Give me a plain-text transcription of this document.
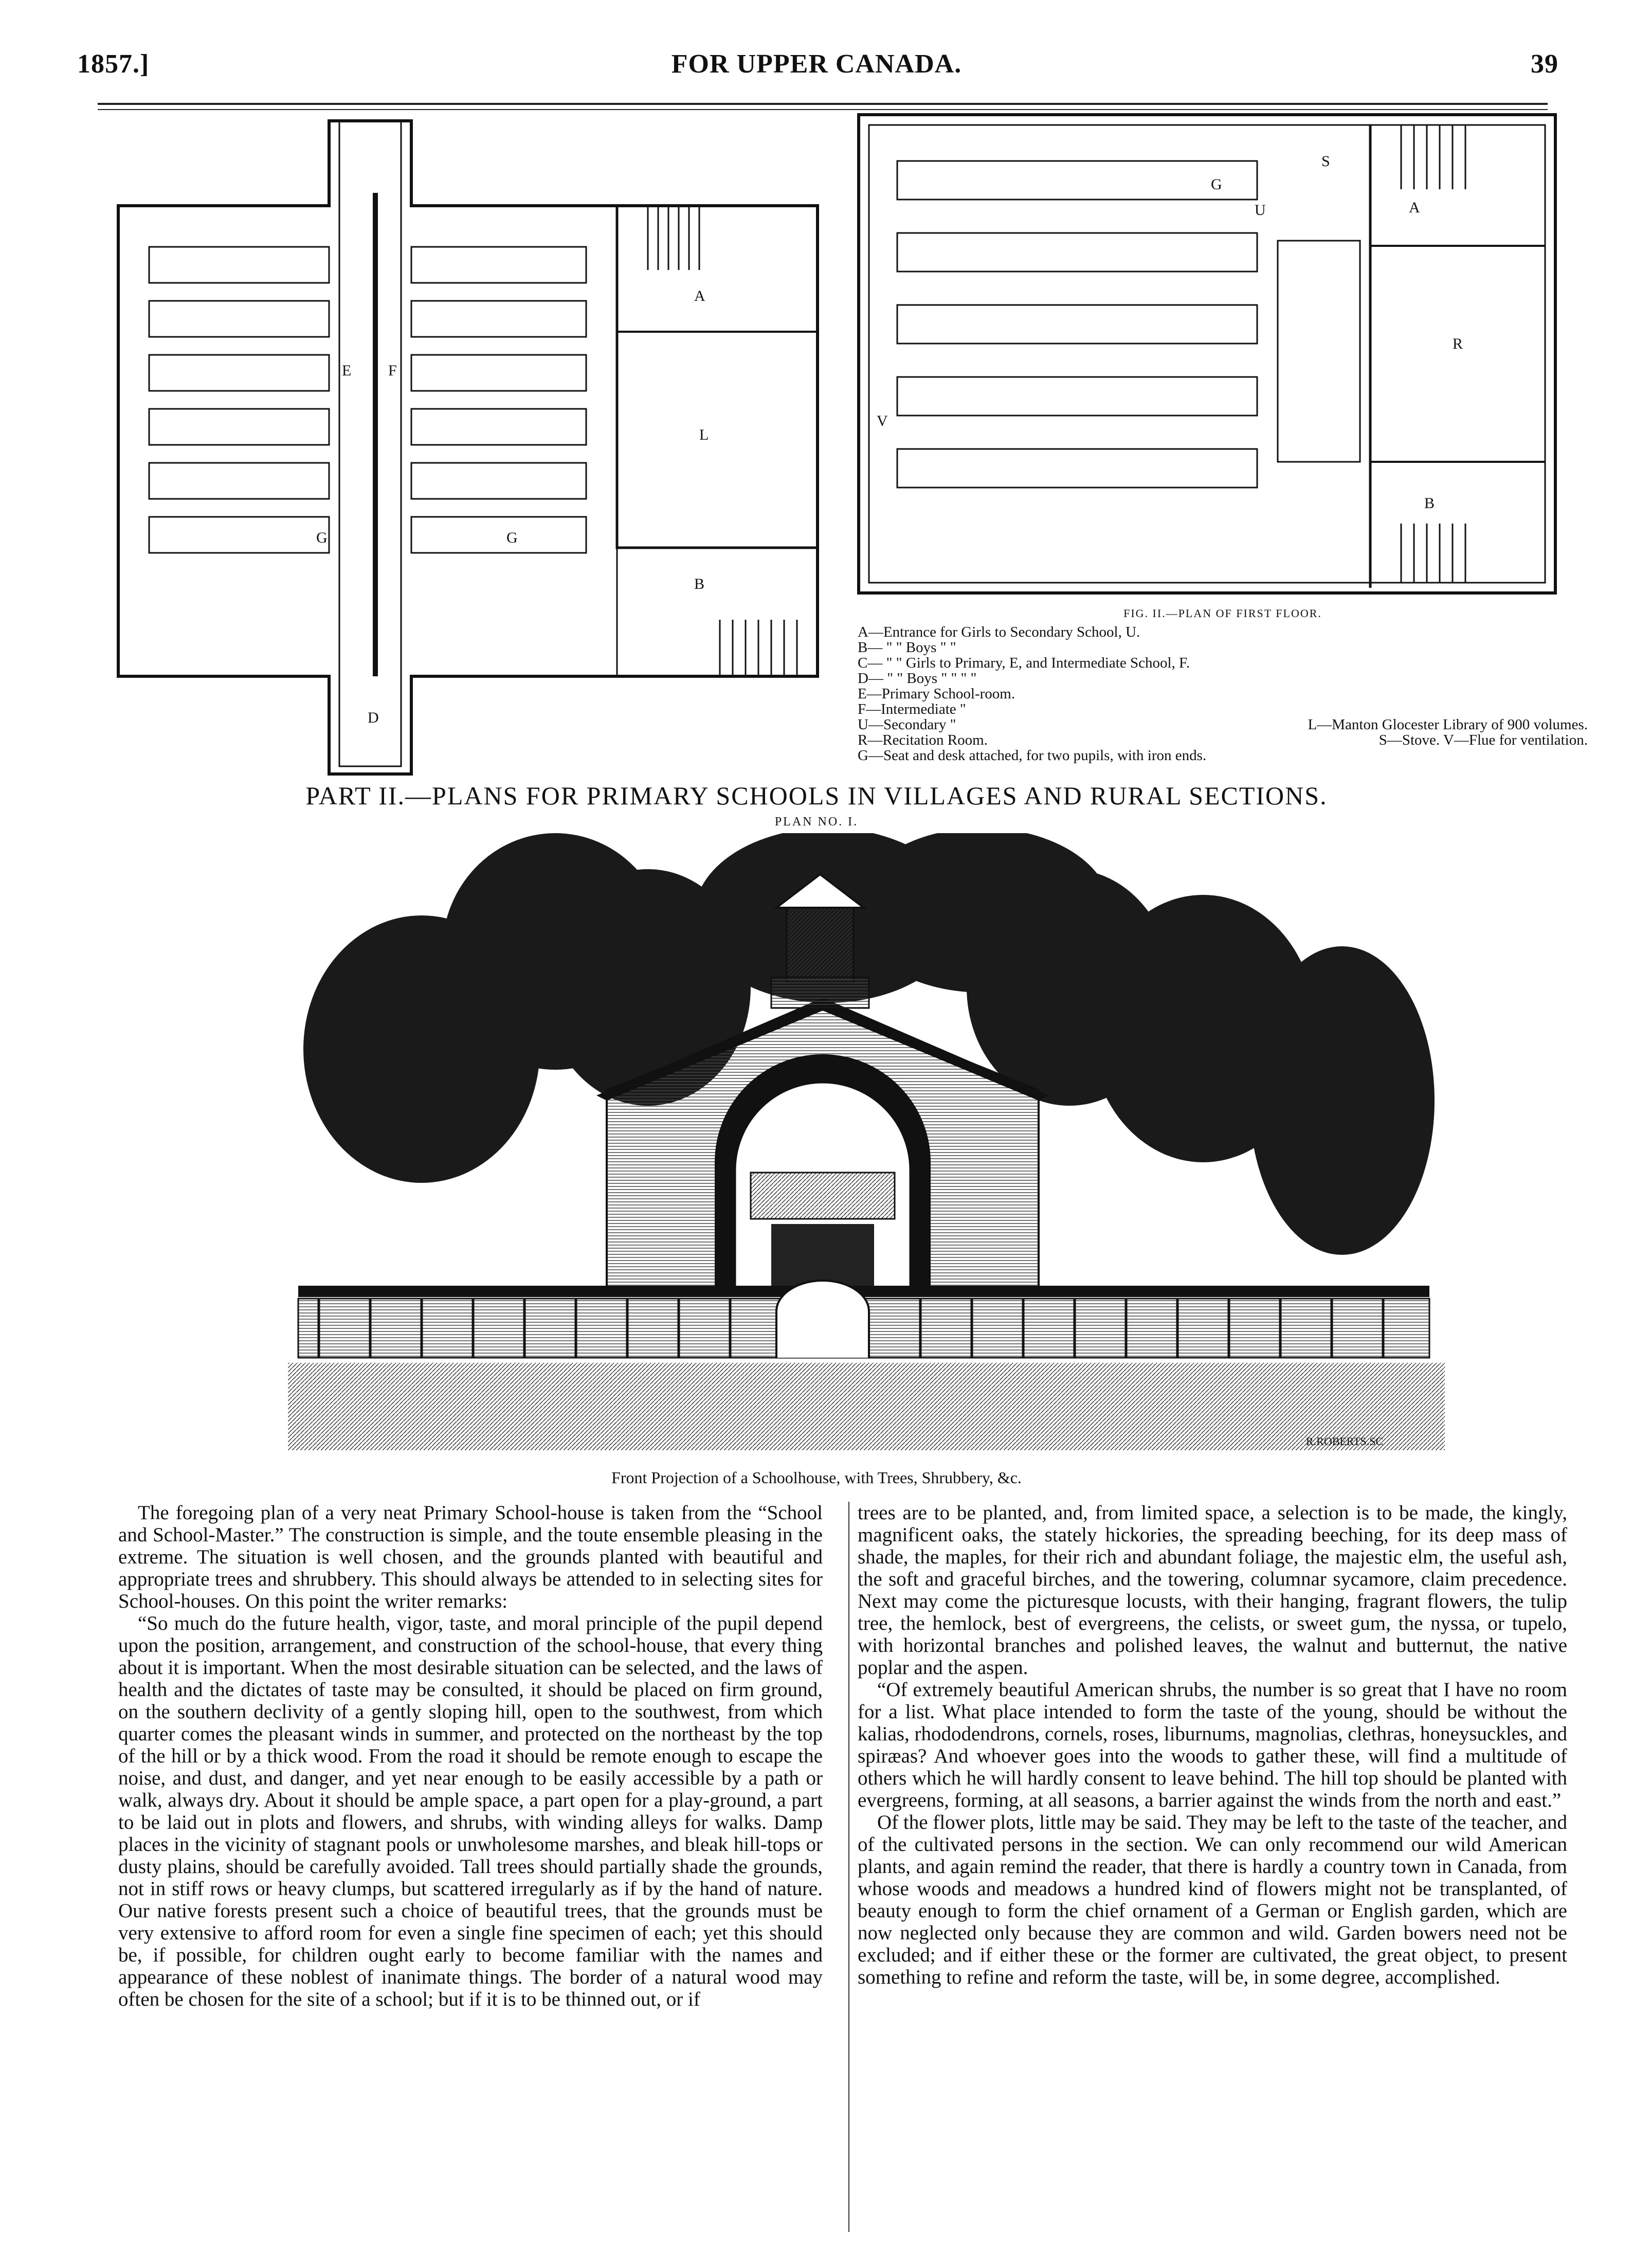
1857.]	FOR UPPER CANADA.	39
E F
A
L
G	G
B
D
G
U
S
A
R
V
B
FIG. II.—PLAN OF FIRST FLOOR.
A—Entrance for Girls to Secondary School, U.
B— " " Boys " "
C— " " Girls to Primary, E, and Intermediate School, F.
D— " " Boys " " " "
E—Primary School-room.
F—Intermediate "
U—Secondary "	L—Manton Glocester Library of 900 volumes.
R—Recitation Room.	S—Stove. V—Flue for ventilation.
G—Seat and desk attached, for two pupils, with iron ends.
PART II.—PLANS FOR PRIMARY SCHOOLS IN VILLAGES AND RURAL SECTIONS.
PLAN NO. I.
R.ROBERTS.SC
Front Projection of a Schoolhouse, with Trees, Shrubbery, &c.

The foregoing plan of a very neat Primary School-house is taken from the “School and School-Master.” The construction is simple, and the toute ensemble pleasing in the extreme. The situation is well chosen, and the grounds planted with beautiful and appropriate trees and shrubbery. This should always be attended to in selecting sites for School-houses. On this point the writer remarks:

“So much do the future health, vigor, taste, and moral principle of the pupil depend upon the position, arrangement, and construction of the school-house, that every thing about it is important. When the most desirable situation can be selected, and the laws of health and the dictates of taste may be consulted, it should be placed on firm ground, on the southern declivity of a gently sloping hill, open to the southwest, from which quarter comes the pleasant winds in summer, and protected on the northeast by the top of the hill or by a thick wood. From the road it should be remote enough to escape the noise, and dust, and danger, and yet near enough to be easily accessible by a path or walk, always dry. About it should be ample space, a part open for a play-ground, a part to be laid out in plots and flowers, and shrubs, with winding alleys for walks. Damp places in the vicinity of stagnant pools or unwholesome marshes, and bleak hill-tops or dusty plains, should be carefully avoided. Tall trees should partially shade the grounds, not in stiff rows or heavy clumps, but scattered irregularly as if by the hand of nature. Our native forests present such a choice of beautiful trees, that the grounds must be very extensive to afford room for even a single fine specimen of each; yet this should be, if possible, for children ought early to become familiar with the names and appearance of these noblest of inanimate things. The border of a natural wood may often be chosen for the site of a school; but if it is to be thinned out, or if

trees are to be planted, and, from limited space, a selection is to be made, the kingly, magnificent oaks, the stately hickories, the spreading beeching, for its deep mass of shade, the maples, for their rich and abundant foliage, the majestic elm, the useful ash, the soft and graceful birches, and the towering, columnar sycamore, claim precedence. Next may come the picturesque locusts, with their hanging, fragrant flowers, the tulip tree, the hemlock, best of evergreens, the celists, or sweet gum, the nyssa, or tupelo, with horizontal branches and polished leaves, the walnut and butternut, the native poplar and the aspen.

“Of extremely beautiful American shrubs, the number is so great that I have no room for a list. What place intended to form the taste of the young, should be without the kalias, rhododendrons, cornels, roses, liburnums, magnolias, clethras, honeysuckles, and spiræas? And whoever goes into the woods to gather these, will find a multitude of others which he will hardly consent to leave behind. The hill top should be planted with evergreens, forming, at all seasons, a barrier against the winds from the north and east.”

Of the flower plots, little may be said. They may be left to the taste of the teacher, and of the cultivated persons in the section. We can only recommend our wild American plants, and again remind the reader, that there is hardly a country town in Canada, from whose woods and meadows a hundred kind of flowers might not be transplanted, of beauty enough to form the chief ornament of a German or English garden, which are now neglected only because they are common and wild. Garden bowers need not be excluded; and if either these or the former are cultivated, the great object, to present something to refine and reform the taste, will be, in some degree, accomplished.
